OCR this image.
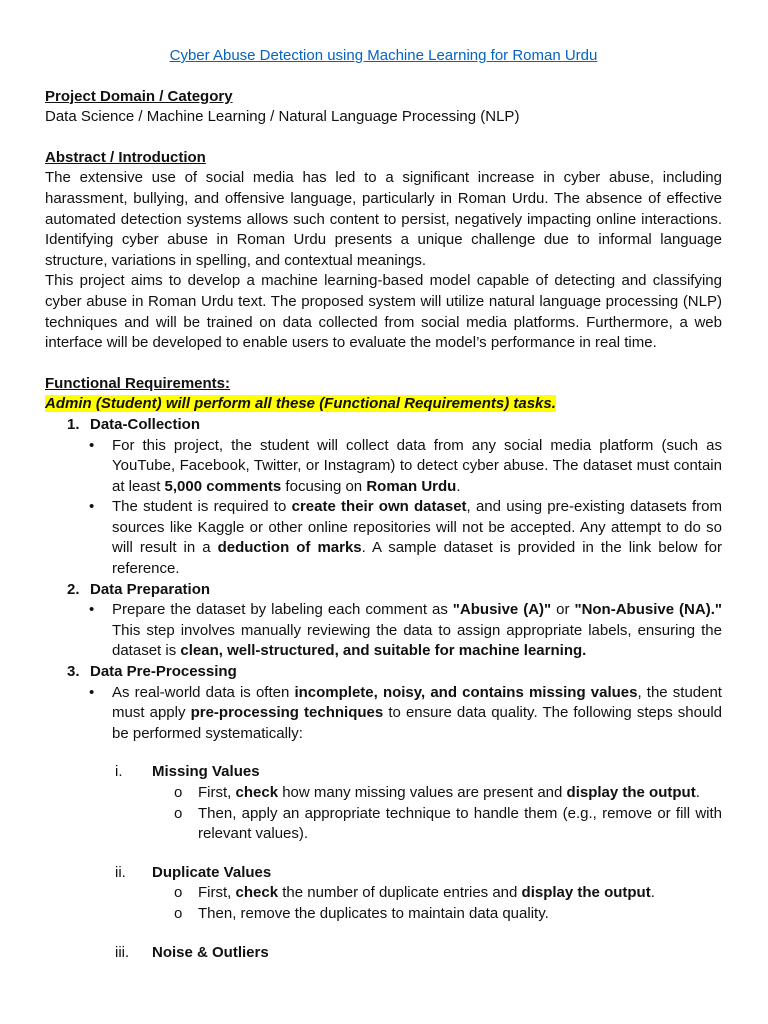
Cyber Abuse Detection using Machine Learning for Roman Urdu

Project Domain / Category

Data Science / Machine Learning / Natural Language Processing (NLP)

Abstract / Introduction

The extensive use of social media has led to a significant increase in cyber abuse, including harassment, bullying, and offensive language, particularly in Roman Urdu. The absence of effective automated detection systems allows such content to persist, negatively impacting online interactions. Identifying cyber abuse in Roman Urdu presents a unique challenge due to informal language structure, variations in spelling, and contextual meanings.

This project aims to develop a machine learning-based model capable of detecting and classifying cyber abuse in Roman Urdu text. The proposed system will utilize natural language processing (NLP) techniques and will be trained on data collected from social media platforms. Furthermore, a web interface will be developed to enable users to evaluate the model’s performance in real time.

Functional Requirements:

Admin (Student) will perform all these (Functional Requirements) tasks.

1. Data-Collection
• For this project, the student will collect data from any social media platform (such as YouTube, Facebook, Twitter, or Instagram) to detect cyber abuse. The dataset must contain at least 5,000 comments focusing on Roman Urdu.
• The student is required to create their own dataset, and using pre-existing datasets from sources like Kaggle or other online repositories will not be accepted. Any attempt to do so will result in a deduction of marks. A sample dataset is provided in the link below for reference.
2. Data Preparation
• Prepare the dataset by labeling each comment as "Abusive (A)" or "Non-Abusive (NA)." This step involves manually reviewing the data to assign appropriate labels, ensuring the dataset is clean, well-structured, and suitable for machine learning.
3. Data Pre-Processing
• As real-world data is often incomplete, noisy, and contains missing values, the student must apply pre-processing techniques to ensure data quality. The following steps should be performed systematically:
i. Missing Values
o First, check how many missing values are present and display the output.
o Then, apply an appropriate technique to handle them (e.g., remove or fill with relevant values).
ii. Duplicate Values
o First, check the number of duplicate entries and display the output.
o Then, remove the duplicates to maintain data quality.
iii. Noise & Outliers
